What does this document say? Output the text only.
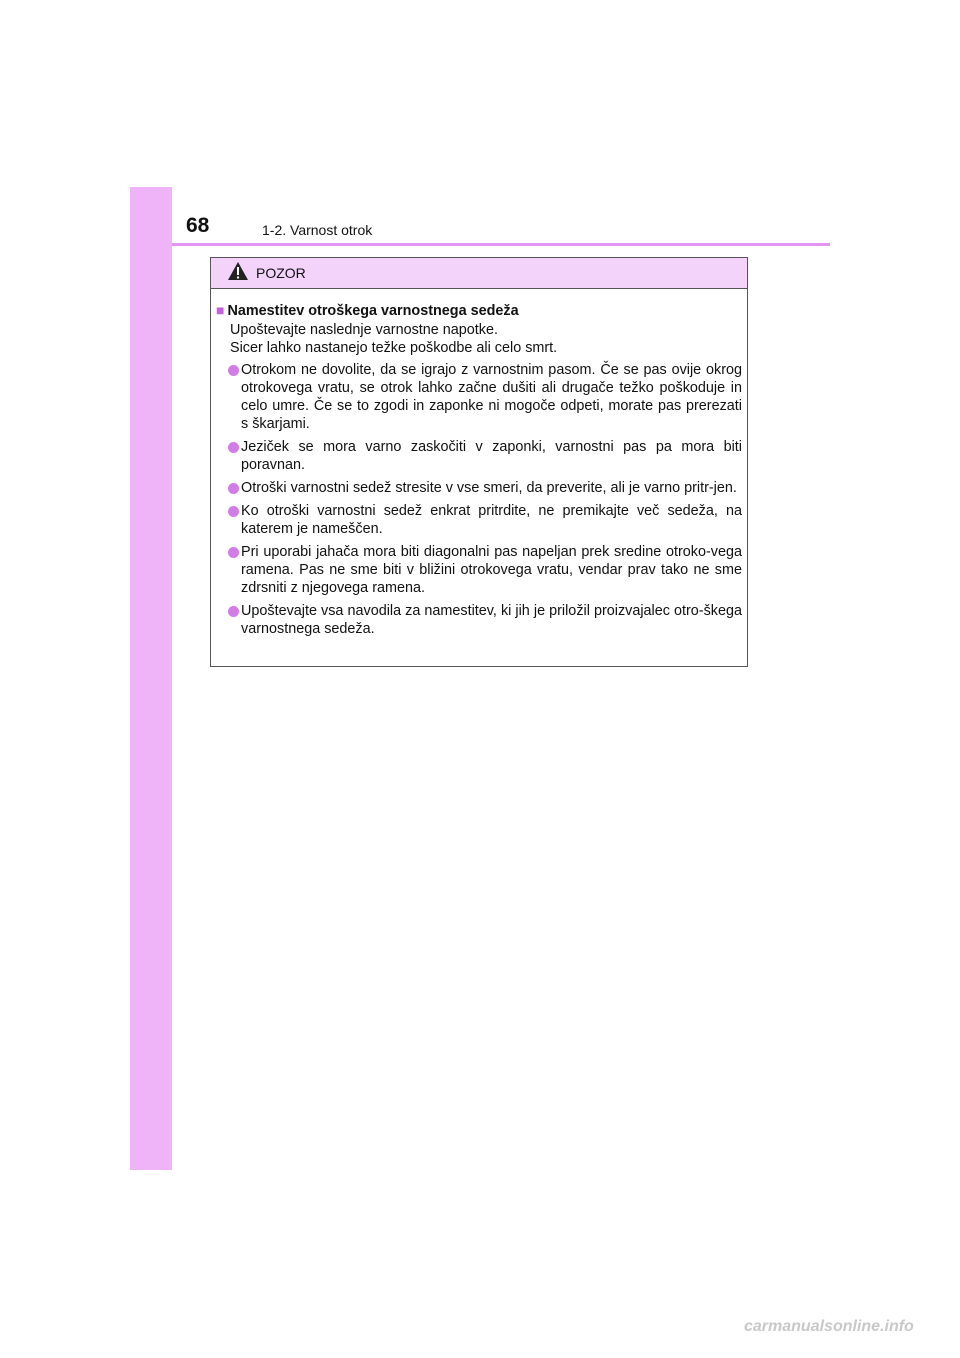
68	1-2. Varnost otrok
POZOR
■ Namestitev otroškega varnostnega sedeža
Upoštevajte naslednje varnostne napotke.
Sicer lahko nastanejo težke poškodbe ali celo smrt.
Otrokom ne dovolite, da se igrajo z varnostnim pasom. Če se pas ovije okrog otrokovega vratu, se otrok lahko začne dušiti ali drugače težko poškoduje in celo umre. Če se to zgodi in zaponke ni mogoče odpeti, morate pas prerezati s škarjami.
Jeziček se mora varno zaskočiti v zaponki, varnostni pas pa mora biti poravnan.
Otroški varnostni sedež stresite v vse smeri, da preverite, ali je varno pritr-jen.
Ko otroški varnostni sedež enkrat pritrdite, ne premikajte več sedeža, na katerem je nameščen.
Pri uporabi jahača mora biti diagonalni pas napeljan prek sredine otroko-vega ramena. Pas ne sme biti v bližini otrokovega vratu, vendar prav tako ne sme zdrsniti z njegovega ramena.
Upoštevajte vsa navodila za namestitev, ki jih je priložil proizvajalec otro-škega varnostnega sedeža.
carmanualsonline.info
